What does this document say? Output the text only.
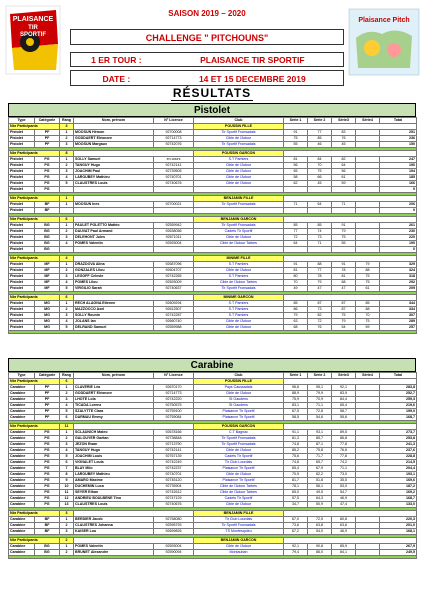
PLAISANCE
TIR
SPORTIF
SAISON 2019 – 2020
CHALLENGE " PITCHOUNS"
1 ER TOUR :	PLAISANCE TIR SPORTIF
DATE :	14 ET 15 DECEMBRE 2019
Plaisance Pitch
RÉSULTATS
Pistolet
Type	Catégorie	Rang	Nom, prénom	N° Licence	Club	Série 1	Série 2	Série3	Série4	Total
Nbr Participants		3			POUSSIN FILLE					
Pistolet	PF	1	MOOSUN Hémon	92700008	Tir Sportif Fronsadais	91	77	83		251
Pistolet	PF	2	GODDAERT Eléonore	92714773	Cible de l'Adour	75	85	76		236
Pistolet	PF	3	MOOSUN Margaux	92742076	Tir Sportif Fronsadais	55	46	45		150

Nbr Participants		8			POUSSIN GARCON					
Pistolet	PG	1	SOLLY Samuel	en cours	S.T Pamiers	81	84	82		247
Pistolet	PG	2	TANGUY Hugo	92742141	Cible de l'Adour	56	70	64		190
Pistolet	PG	3	JOACHIM Paul	92739505	Cible de l'Adour	65	75	56		194
Pistolet	PG	4	LAROUBEY Mathieu	92740701	Cible de l'Adour	58	66	61		185
Pistolet	PG	5	CLAUSTRES Louis	92740676	Cible de l'Adour	62	45	59		166
Pistolet	PG									0

Nbr Participants		1			BENJAMIN FILLE					
Pistolet	BF	1	MOOSUN Ines	92700021	Tir Sportif Fronsadais	71	64	71		206
Pistolet	BF									0

Nbr Participants		6			BENJAMIN GARCON					
Pistolet	BG	1	PAULET POLETTO Mattéo	92559942	Tir Sportif Fronsadais	85	85	91		261
Pistolet	BG	2	DAUVAT Paul Armand	92638056	Cadets Tir Sportif	77	74	79		230
Pistolet	BG	3	DELEHONT Jules	92671011	Cible de l'Adour	72	73	75		220
Pistolet	BG	4	POMES Valentin	92593004	Cible de l'Adour Tarbes	64	71	55		190
Pistolet	BG									0

Nbr Participants		4			MINIME FILLE					
Pistolet	MF	1	DRAZDOVA Alina	92687096	S.T Pamiers	91	88	91	79	329
Pistolet	MF	2	GONZALES Lilou	92604707	Cible de l'Adour	81	77	78	88	324
Pistolet	MF	3	LEGOFF Celeste	92742265	S.T Pamiers	80	78	81	75	318
Pistolet	MF	4	POMES Lilou	92593009	Cible de l'Adour Tarbes	70	79	68	75	292
Pistolet	MF	5	VIRGILIO Sarah	92740637	Tir Sportif Fronsadais	49	47	47	61	209

Nbr Participants		6			MINIME GARCON					
Pistolet	MG	1	RECH ALAGNA Etienne	92609294	S.T Pamiers	85	87	87	85	344
Pistolet	MG	2	MAZZOCCO Axel	92612507	S.T Pamiers	86	73	87	88	334
Pistolet	MG	3	SOLLY Rounin	92742287	S.T Pamiers	79	82	75	70	307
Pistolet	MG	4	JOLANS Ian	92660740	Cible de l'Adour	63	72	79	75	289
Pistolet	MG	5	DELRAND Samuel	92559988	Cible de l'Adour	68	76	54	59	257

Carabine
Type	Catégorie	Rang	Nom, prénom	N° Licence	Club	Série 1	Série 2	Série3	Série4	Total
Nbr Participants		6			POUSSIN FILLE					
Carabine	PF	1	CLAVERIE Léa	92670170	Pays Caussadais	96,6	95,1	92,1		283,8
Carabine	PF	2	GODDAERT Eléonore	92714773	Cible de l'Adour	88,9	79,9	83,9		252,7
Carabine	PF	3	LHOTE Lola	92742220	St Gaudens	75,9	70,9	84,4		259,3
Carabine	PF	4	TICADA Lorenz	92750575	St Gaudens	83,1	71,1	65,4		219,6
Carabine	PF	5	SZALYTTE Clara	92759100	Plaisance Tir Sportif	67,5	72,8	58,7		199,0
Carabine	PF	6	DARMAU Emmy	92759084	Plaisance Tir Sportif	58,5	54,6	55,6		168,7

Nbr Participants		11			POUSSIN GARCON					
Carabine	PG	1	SCLAUNICH Mateo	92678166	C.T Bagnac	91,1	93,1	89,5		273,7
Carabine	PG	2	GALOUYER Gaétan	92738848	Tir Sportif Fronsadais	81,3	85,7	86,8		253,8
Carabine	PG	3	JEZON Ewan	92713790	Tir Sportif Fronsadais	74,8	87,1	77,8		241,3
Carabine	PG	4	TANGUY Hugo	92742141	Cible de l'Adour	85,2	75,8	76,6		237,6
Carabine	PG	5	JOACHIM Louis	92767139	Cadets Tir Sportif	75,6	71,7	77,8		228,8
Carabine	PG	6	VIGNALET Louis	92742249	Tir Club Lourdais	74,6	65,7	74,2		214,5
Carabine	PG	7	BLAY Milo	92742237	Plaisance Tir Sportif	65,4	67,9	71,1		204,4
Carabine	PG	8	LAROUBEY Mathieu	92740701	Cible de l'Adour	70,9	62,2	73,0		193,1
Carabine	PG	9	AMARO Maxime	92745120	Plaisance Tir Sportif	81,7	51,8	35,5		169,6
Carabine	PG	10	DUCHEMIN Luca	92735904	Cible de l'Adour Tarbes	78,1	56,1	53,0		187,2
Carabine	PG	11	SEYER Ethan	92742612	Cible de l'Adour Tarbes	65,0	49,5	54,7		169,2
Carabine	PG	12	ANDRIEU BOULBENE Tino	92747129	Cadets Tir Sportif	57,5	64,3	46,9		168,7
Carabine	PG	13	CLAUSTRES Louis	92740676	Cible de l'Adour	34,7	50,9	47,4		133,0

Nbr Participants		3			BENJAMIN FILLE					
Carabine	BF	1	BERDIER Jacob	92758080	Tir Club Lourdais	67,0	72,5	80,8		220,3
Carabine	BF	2	CLAUSTRES Johanna	92595793	Tir Sportif Fronsadais	73,6	63,8	63,6		201,0
Carabine	BF	3	KAISER Lou	92699826	TS Montesquieu	67,2	54,0	46,9		168,1

Nbr Participants		2			BENJAMIN GARCON					
Carabine	BG	1	POMES Valentin	92593004	Cible de l'Adour	92,1	90,8	85,9		267,9
Carabine	BG	2	BRUNET Alexandre	92590094	Montauban	79,4	86,0	84,1		249,5
